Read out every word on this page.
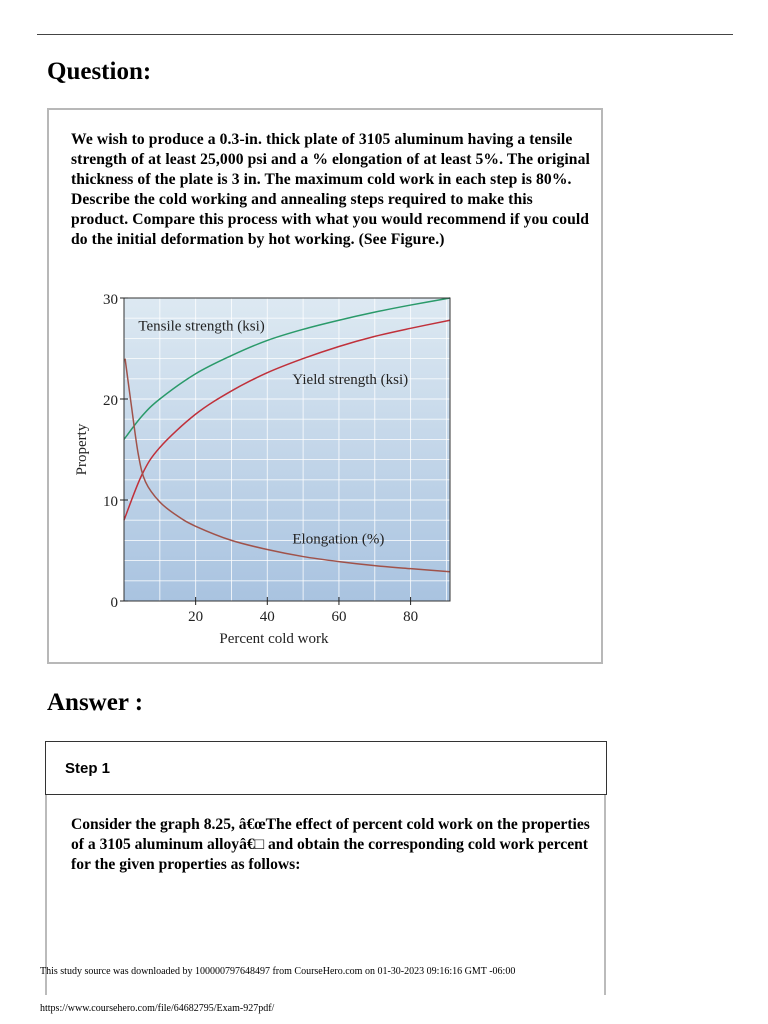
Question:
We wish to produce a 0.3-in. thick plate of 3105 aluminum having a tensile strength of at least 25,000 psi and a % elongation of at least 5%. The original thickness of the plate is 3 in. The maximum cold work in each step is 80%. Describe the cold working and annealing steps required to make this product. Compare this process with what you would recommend if you could do the initial deformation by hot working. (See Figure.)
0
10
20
30
20	40	60	80
Percent cold work
Property
Tensile strength (ksi)
Yield strength (ksi)
Elongation (%)
Answer :
Step 1
Consider the graph 8.25, â€œThe effect of percent cold work on the properties of a 3105 aluminum alloyâ€□ and obtain the corresponding cold work percent for the given properties as follows:
This study source was downloaded by 100000797648497 from CourseHero.com on 01-30-2023 09:16:16 GMT -06:00
https://www.coursehero.com/file/64682795/Exam-927pdf/
